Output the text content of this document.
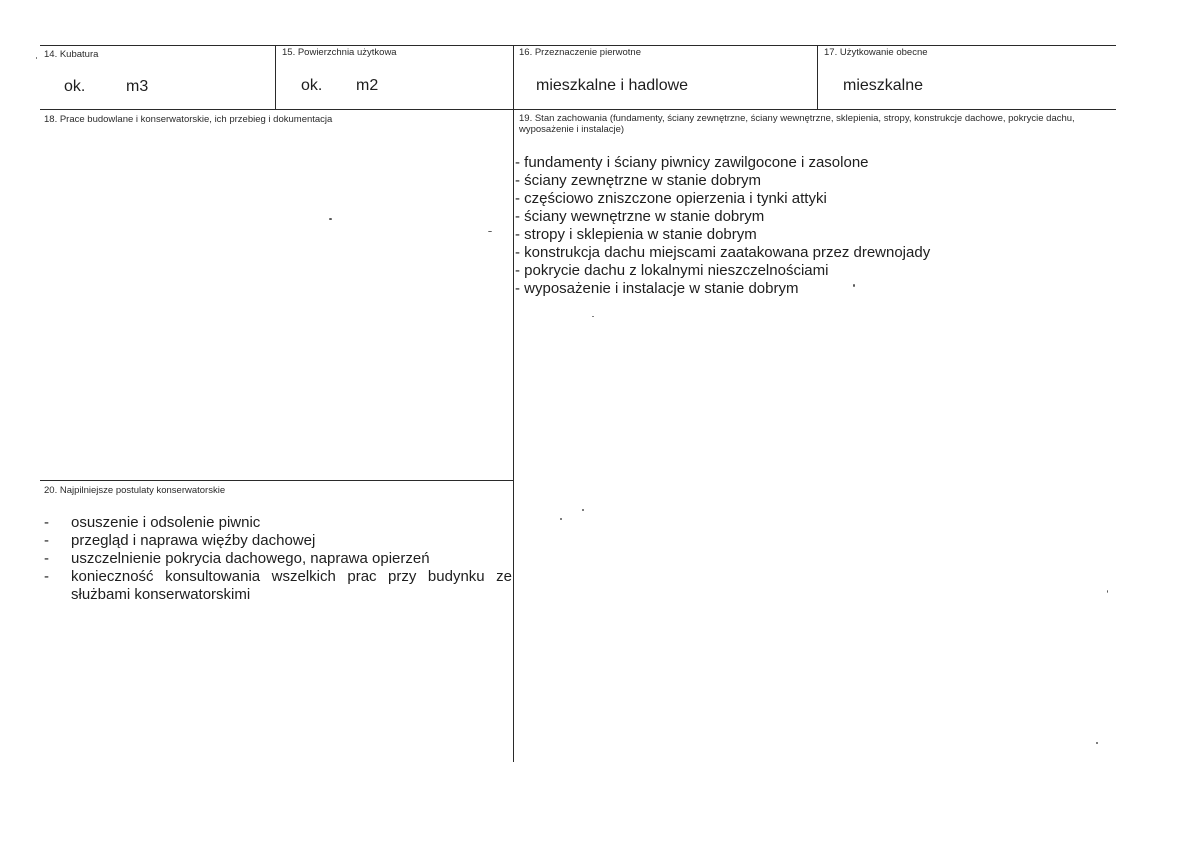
14. Kubatura
ok.	m3
15. Powierzchnia użytkowa
ok. m2
16. Przeznaczenie pierwotne
mieszkalne i hadlowe
17. Użytkowanie obecne
mieszkalne
18. Prace budowlane i konserwatorskie, ich przebieg i dokumentacja	19. Stan zachowania (fundamenty, ściany zewnętrzne, ściany wewnętrzne, sklepienia, stropy, konstrukcje dachowe, pokrycie dachu, wyposażenie i instalacje)
- fundamenty i ściany piwnicy zawilgocone i zasolone
- ściany zewnętrzne w stanie dobrym
- częściowo zniszczone opierzenia i tynki attyki
- ściany wewnętrzne w stanie dobrym
- stropy i sklepienia w stanie dobrym
- konstrukcja dachu miejscami zaatakowana przez drewnojady
- pokrycie dachu z lokalnymi nieszczelnościami
- wyposażenie i instalacje w stanie dobrym
20. Najpilniejsze postulaty konserwatorskie
- osuszenie i odsolenie piwnic
- przegląd i naprawa więźby dachowej
- uszczelnienie pokrycia dachowego, naprawa opierzeń
- konieczność konsultowania wszelkich prac przy budynku ze służbami konserwatorskimi
